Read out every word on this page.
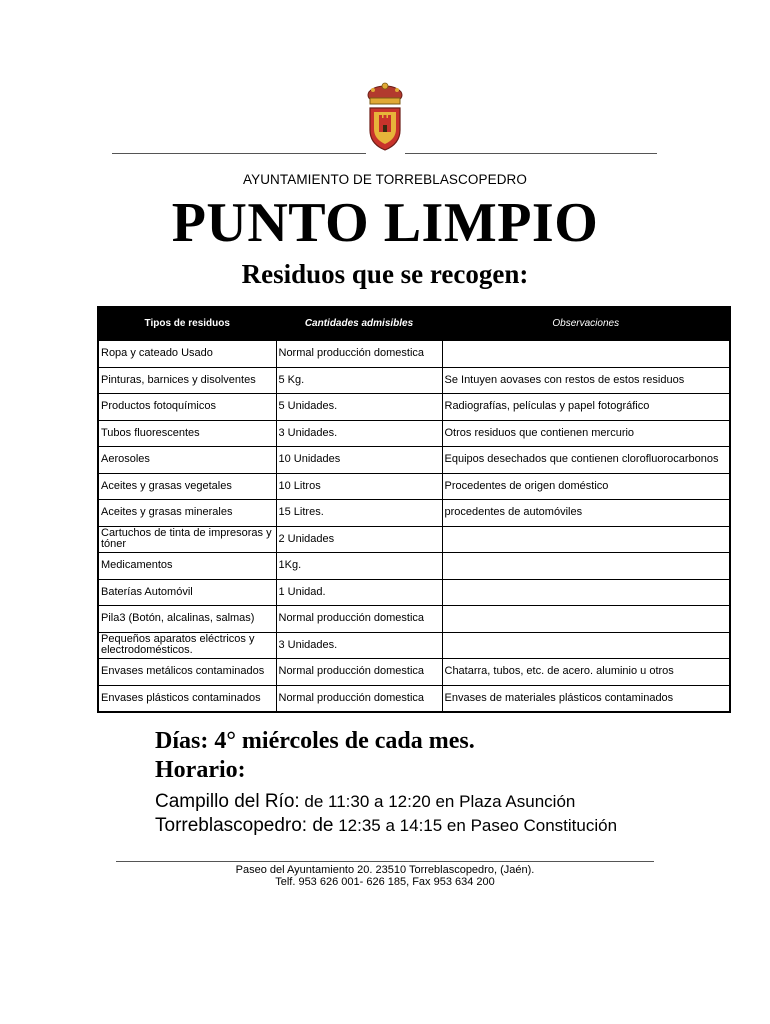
AYUNTAMIENTO DE TORREBLASCOPEDRO
PUNTO LIMPIO
Residuos que se recogen:
Tipos de residuos	Cantidades admisibles	Observaciones
Ropa y cateado Usado	Normal producción domestica	
Pinturas, barnices y disolventes	5 Kg.	Se Intuyen aovases con restos de estos residuos
Productos fotoquímicos	5 Unidades.	Radiografías, películas y papel fotográfico
Tubos fluorescentes	3 Unidades.	Otros residuos que contienen mercurio
Aerosoles	10 Unidades	Equipos desechados que contienen clorofluorocarbonos
Aceites y grasas vegetales	10 Litros	Procedentes de origen doméstico
Aceites y grasas minerales	15 Litres.	procedentes de automóviles
Cartuchos de tinta de impresoras y tóner	2 Unidades	
Medicamentos	1Kg.	
Baterías Automóvil	1 Unidad.	
Pila3 (Botón, alcalinas, salmas)	Normal producción domestica	
Pequeños aparatos eléctricos y electrodomésticos.	3 Unidades.	
Envases metálicos contaminados	Normal producción domestica	Chatarra, tubos, etc. de acero. aluminio u otros
Envases plásticos contaminados	Normal producción domestica	Envases de materiales plásticos contaminados
Días: 4° miércoles de cada mes.
Horario:
Campillo del Río: de 11:30 a 12:20 en Plaza Asunción
Torreblascopedro: de 12:35 a 14:15 en Paseo Constitución
Paseo del Ayuntamiento 20. 23510 Torreblascopedro, (Jaén).
Telf. 953 626 001- 626 185, Fax 953 634 200
